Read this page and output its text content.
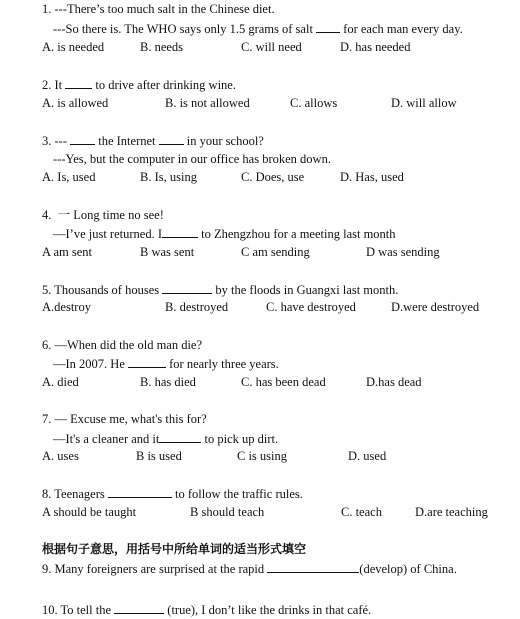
1. ---There’s too much salt in the Chinese diet.
---So there is. The WHO says only 1.5 grams of salt for each man every day.
A. is needed	B. needs	C. will need	D. has needed
2. It	to drive after drinking wine.
A. is allowed	B. is not allowed	C. allows	D. will allow
3. ---	the Internet	in your school?
---Yes, but the computer in our office has broken down.
A. Is, used	B. Is, using	C. Does, use	D. Has, used
4.  一 Long time no see!
—I’ve just returned. I	to Zhengzhou for a meeting last month
A am sent	B was sent	C am sending	D was sending
5. Thousands of houses	by the floods in Guangxi last month.
A.destroy	B. destroyed	C. have destroyed	D.were destroyed
6. —When did the old man die?
—In 2007. He	for nearly three years.
A. died	B. has died	C. has been dead	D.has dead
7. — Excuse me, what's this for?
—It's a cleaner and it	to pick up dirt.
A. uses	B is used	C is using	D. used
8. Teenagers	to follow the traffic rules.
A should be taught	B should teach	C. teach	D.are teaching
根据句子意思，用括号中所给单词的适当形式填空
9. Many foreigners are surprised at the rapid	(develop) of China.
10. To tell the	(true), I don’t like the drinks in that café.
